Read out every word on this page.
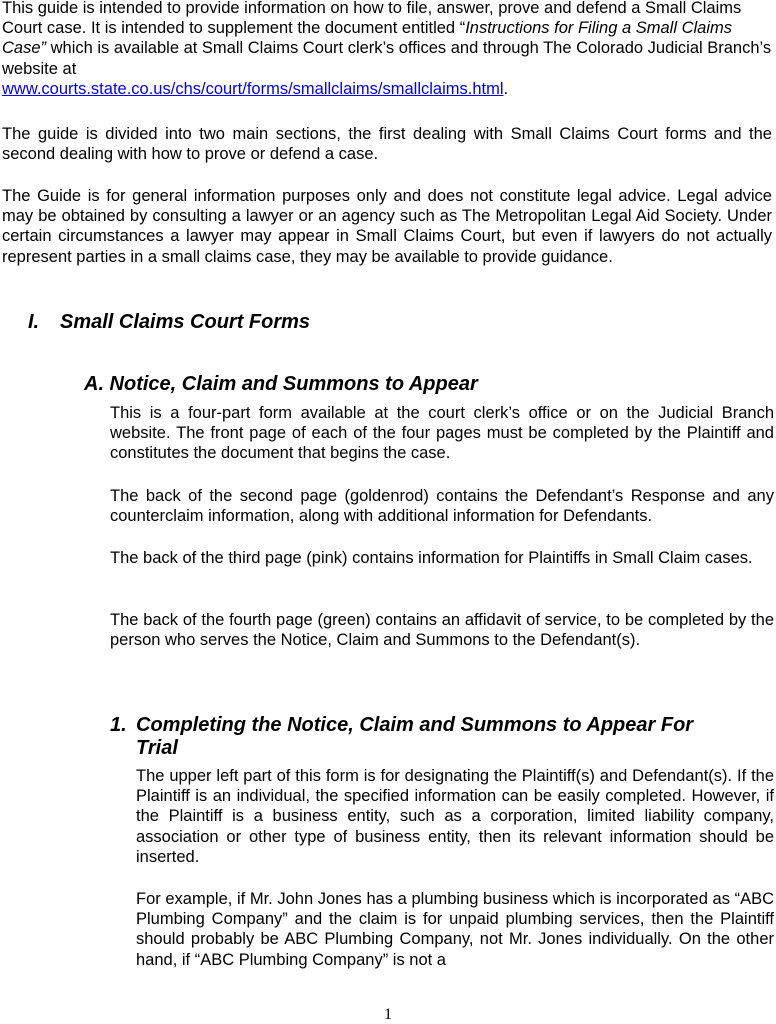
This guide is intended to provide information on how to file, answer, prove and defend a Small Claims Court case. It is intended to supplement the document entitled “Instructions for Filing a Small Claims Case” which is available at Small Claims Court clerk’s offices and through The Colorado Judicial Branch’s website at
www.courts.state.co.us/chs/court/forms/smallclaims/smallclaims.html.

The guide is divided into two main sections, the first dealing with Small Claims Court forms and the second dealing with how to prove or defend a case.

The Guide is for general information purposes only and does not constitute legal advice. Legal advice may be obtained by consulting a lawyer or an agency such as The Metropolitan Legal Aid Society. Under certain circumstances a lawyer may appear in Small Claims Court, but even if lawyers do not actually represent parties in a small claims case, they may be available to provide guidance.

I. Small Claims Court Forms
A. Notice, Claim and Summons to Appear

This is a four-part form available at the court clerk’s office or on the Judicial Branch website. The front page of each of the four pages must be completed by the Plaintiff and constitutes the document that begins the case.

The back of the second page (goldenrod) contains the Defendant’s Response and any counterclaim information, along with additional information for Defendants.

The back of the third page (pink) contains information for Plaintiffs in Small Claim cases.

The back of the fourth page (green) contains an affidavit of service, to be completed by the person who serves the Notice, Claim and Summons to the Defendant(s).

1. Completing the Notice, Claim and Summons to Appear For
Trial

The upper left part of this form is for designating the Plaintiff(s) and Defendant(s). If the Plaintiff is an individual, the specified information can be easily completed. However, if the Plaintiff is a business entity, such as a corporation, limited liability company, association or other type of business entity, then its relevant information should be inserted.

For example, if Mr. John Jones has a plumbing business which is incorporated as “ABC Plumbing Company” and the claim is for unpaid plumbing services, then the Plaintiff should probably be ABC Plumbing Company, not Mr. Jones individually. On the other hand, if “ABC Plumbing Company” is not a

1
